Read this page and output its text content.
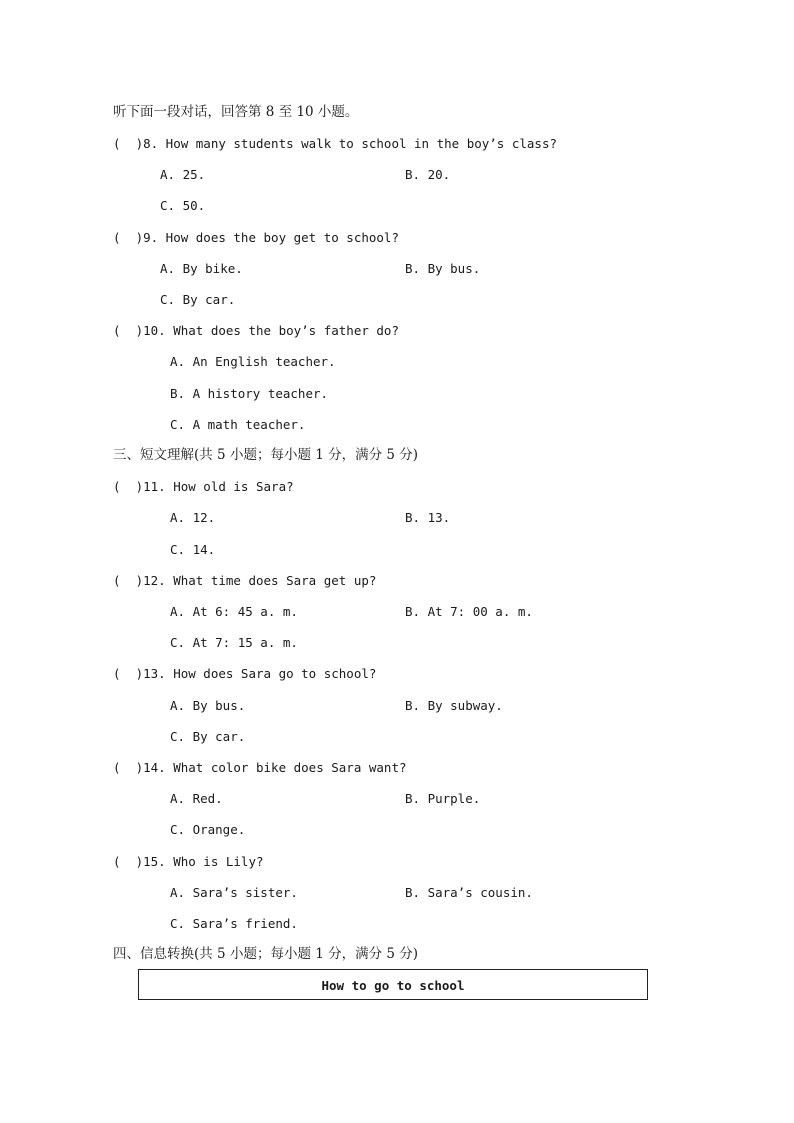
听下面一段对话，回答第 8 至 10 小题。
(  )8. How many students walk to school in the boy’s class?
A. 25.	B. 20.
C. 50.
(  )9. How does the boy get to school?
A. By bike.	B. By bus.
C. By car.
(  )10. What does the boy’s father do?
A. An English teacher.
B. A history teacher.
C. A math teacher.
三、短文理解(共 5 小题；每小题 1 分，满分 5 分)
(  )11. How old is Sara?
A. 12.	B. 13.
C. 14.
(  )12. What time does Sara get up?
A. At 6: 45 a. m.	B. At 7: 00 a. m.
C. At 7: 15 a. m.
(  )13. How does Sara go to school?
A. By bus.	B. By subway.
C. By car.
(  )14. What color bike does Sara want?
A. Red.	B. Purple.
C. Orange.
(  )15. Who is Lily?
A. Sara’s sister.	B. Sara’s cousin.
C. Sara’s friend.
四、信息转换(共 5 小题；每小题 1 分，满分 5 分)
How to go to school
